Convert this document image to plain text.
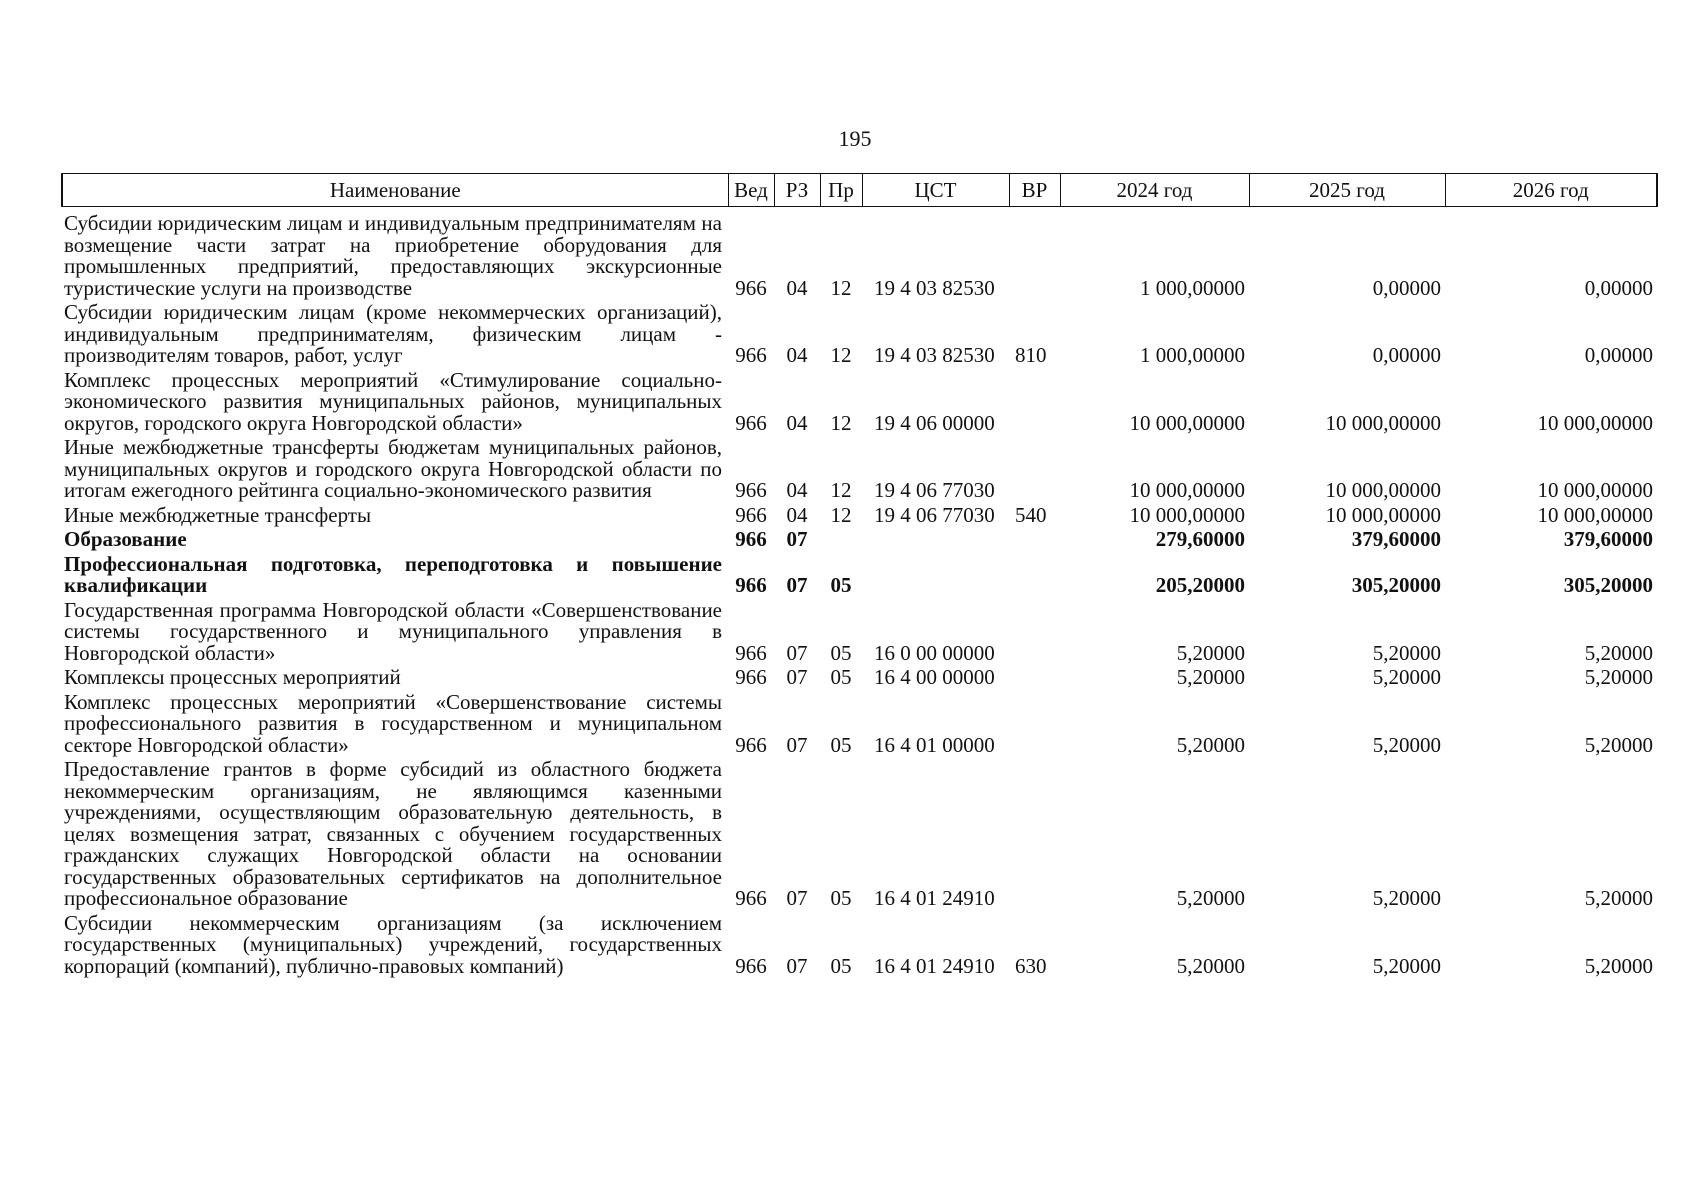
195
Наименование	Вед	РЗ	Пр	ЦСТ	ВР	2024 год	2025 год	2026 год
Субсидии юридическим лицам и индивидуальным предпринимателям на возмещение части затрат на приобретение оборудования для промышленных предприятий, предоставляющих экскурсионные туристические услуги на производстве	966	04	12	19 4 03 82530		1 000,00000	0,00000	0,00000
Субсидии юридическим лицам (кроме некоммерческих организаций), индивидуальным предпринимателям, физическим лицам - производителям товаров, работ, услуг	966	04	12	19 4 03 82530	810	1 000,00000	0,00000	0,00000
Комплекс процессных мероприятий «Стимулирование социально-экономического развития муниципальных районов, муниципальных округов, городского округа Новгородской области»	966	04	12	19 4 06 00000		10 000,00000	10 000,00000	10 000,00000
Иные межбюджетные трансферты бюджетам муниципальных районов, муниципальных округов и городского округа Новгородской области по итогам ежегодного рейтинга социально-экономического развития	966	04	12	19 4 06 77030		10 000,00000	10 000,00000	10 000,00000
Иные межбюджетные трансферты	966	04	12	19 4 06 77030	540	10 000,00000	10 000,00000	10 000,00000
Образование	966	07				279,60000	379,60000	379,60000
Профессиональная подготовка, переподготовка и повышение квалификации	966	07	05			205,20000	305,20000	305,20000
Государственная программа Новгородской области «Совершенствование системы государственного и муниципального управления в Новгородской области»	966	07	05	16 0 00 00000		5,20000	5,20000	5,20000
Комплексы процессных мероприятий	966	07	05	16 4 00 00000		5,20000	5,20000	5,20000
Комплекс процессных мероприятий «Совершенствование системы профессионального развития в государственном и муниципальном секторе Новгородской области»	966	07	05	16 4 01 00000		5,20000	5,20000	5,20000
Предоставление грантов в форме субсидий из областного бюджета некоммерческим организациям, не являющимся казенными учреждениями, осуществляющим образовательную деятельность, в целях возмещения затрат, связанных с обучением государственных гражданских служащих Новгородской области на основании государственных образовательных сертификатов на дополнительное профессиональное образование	966	07	05	16 4 01 24910		5,20000	5,20000	5,20000
Субсидии некоммерческим организациям (за исключением государственных (муниципальных) учреждений, государственных корпораций (компаний), публично-правовых компаний)	966	07	05	16 4 01 24910	630	5,20000	5,20000	5,20000
